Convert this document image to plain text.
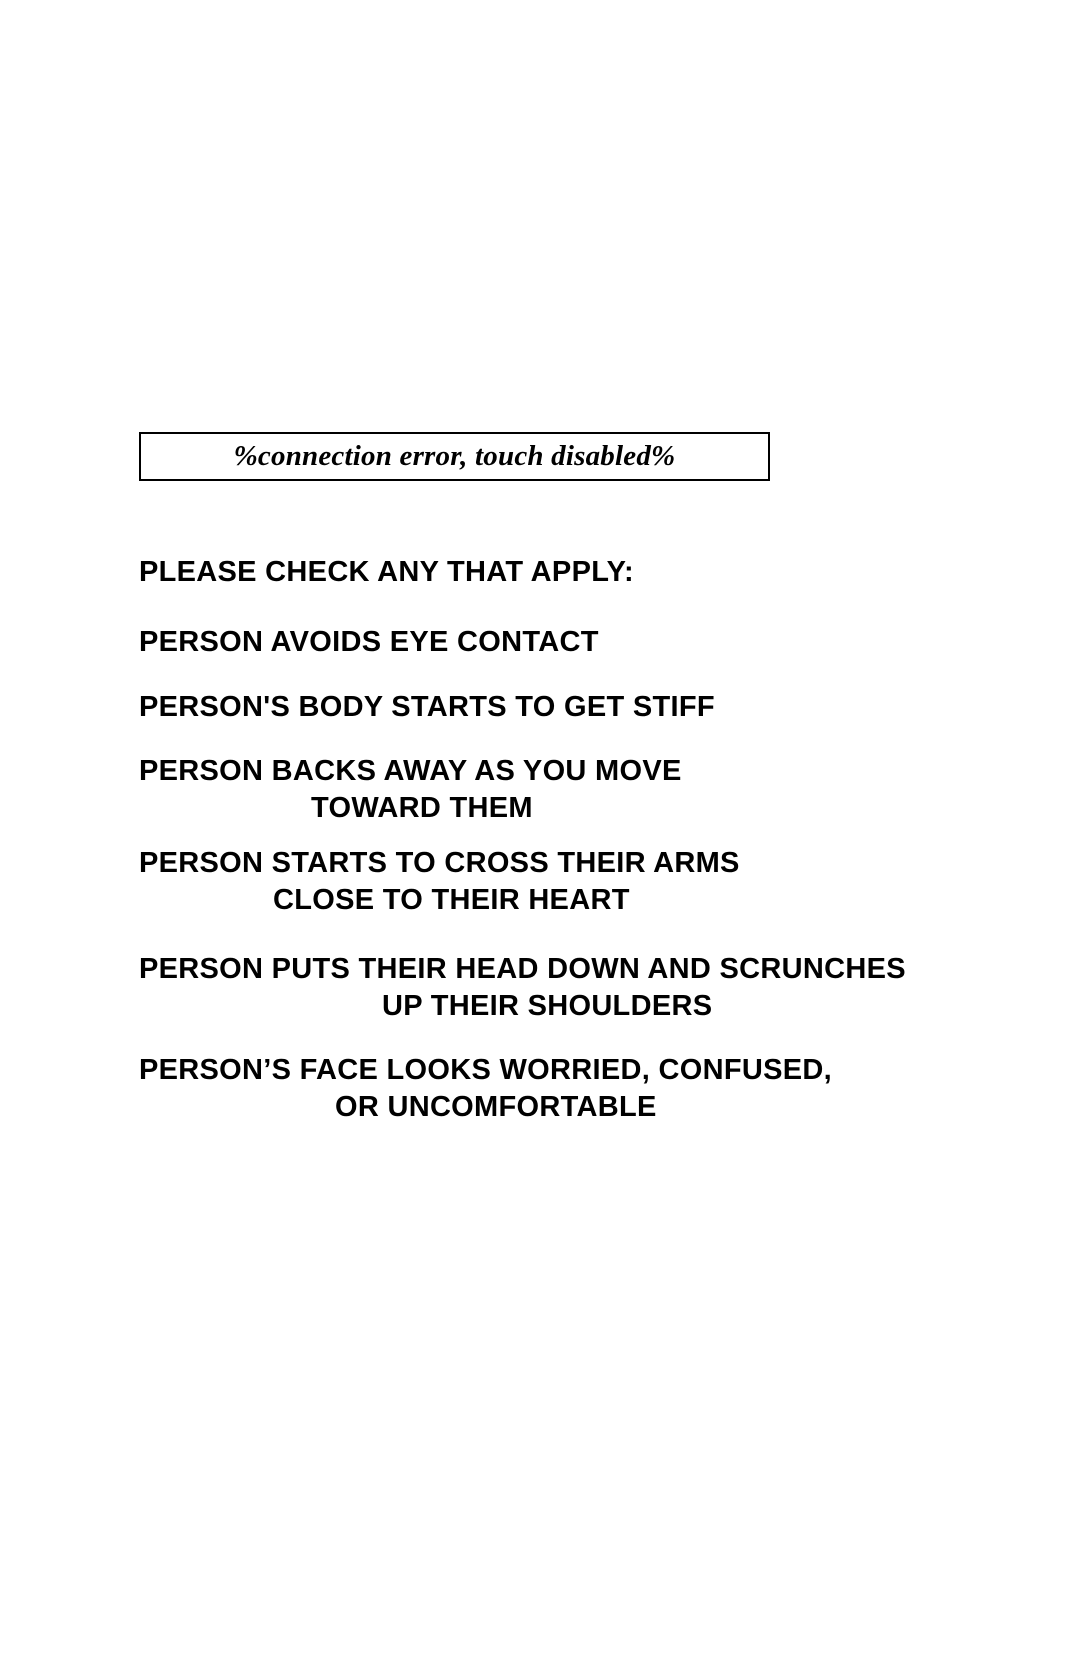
%connection error, touch disabled%
PLEASE CHECK ANY THAT APPLY:
PERSON AVOIDS EYE CONTACT
PERSON'S BODY STARTS TO GET STIFF
PERSON BACKS AWAY AS YOU MOVE
TOWARD THEM
PERSON STARTS TO CROSS THEIR ARMS
CLOSE TO THEIR HEART
PERSON PUTS THEIR HEAD DOWN AND SCRUNCHES
UP THEIR SHOULDERS
PERSON’S FACE LOOKS WORRIED, CONFUSED,
OR UNCOMFORTABLE
